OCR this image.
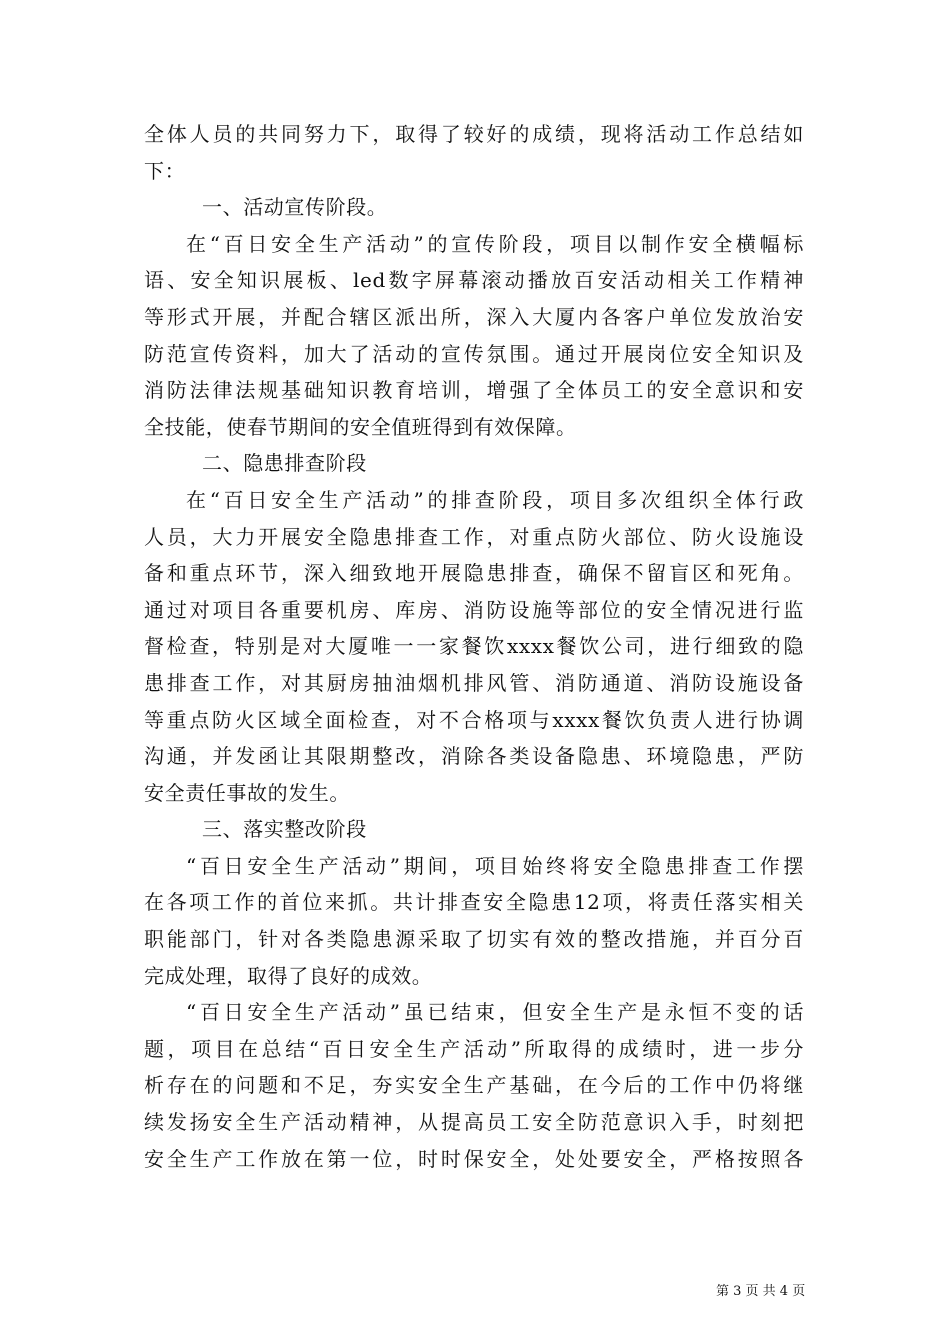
全体人员的共同努力下，取得了较好的成绩，现将活动工作总结如
下：
一、活动宣传阶段。
在“百日安全生产活动”的宣传阶段，项目以制作安全横幅标
语、安全知识展板、led数字屏幕滚动播放百安活动相关工作精神
等形式开展，并配合辖区派出所，深入大厦内各客户单位发放治安
防范宣传资料，加大了活动的宣传氛围。通过开展岗位安全知识及
消防法律法规基础知识教育培训，增强了全体员工的安全意识和安
全技能，使春节期间的安全值班得到有效保障。
二、隐患排查阶段
在“百日安全生产活动”的排查阶段，项目多次组织全体行政
人员，大力开展安全隐患排查工作，对重点防火部位、防火设施设
备和重点环节，深入细致地开展隐患排查，确保不留盲区和死角。
通过对项目各重要机房、库房、消防设施等部位的安全情况进行监
督检查，特别是对大厦唯一一家餐饮xxxx餐饮公司，进行细致的隐
患排查工作，对其厨房抽油烟机排风管、消防通道、消防设施设备
等重点防火区域全面检查，对不合格项与xxxx餐饮负责人进行协调
沟通，并发函让其限期整改，消除各类设备隐患、环境隐患，严防
安全责任事故的发生。
三、落实整改阶段
“百日安全生产活动”期间，项目始终将安全隐患排查工作摆
在各项工作的首位来抓。共计排查安全隐患12项，将责任落实相关
职能部门，针对各类隐患源采取了切实有效的整改措施，并百分百
完成处理，取得了良好的成效。
“百日安全生产活动”虽已结束，但安全生产是永恒不变的话
题，项目在总结“百日安全生产活动”所取得的成绩时，进一步分
析存在的问题和不足，夯实安全生产基础，在今后的工作中仍将继
续发扬安全生产活动精神，从提高员工安全防范意识入手，时刻把
安全生产工作放在第一位，时时保安全，处处要安全，严格按照各
第 3 页 共 4 页
